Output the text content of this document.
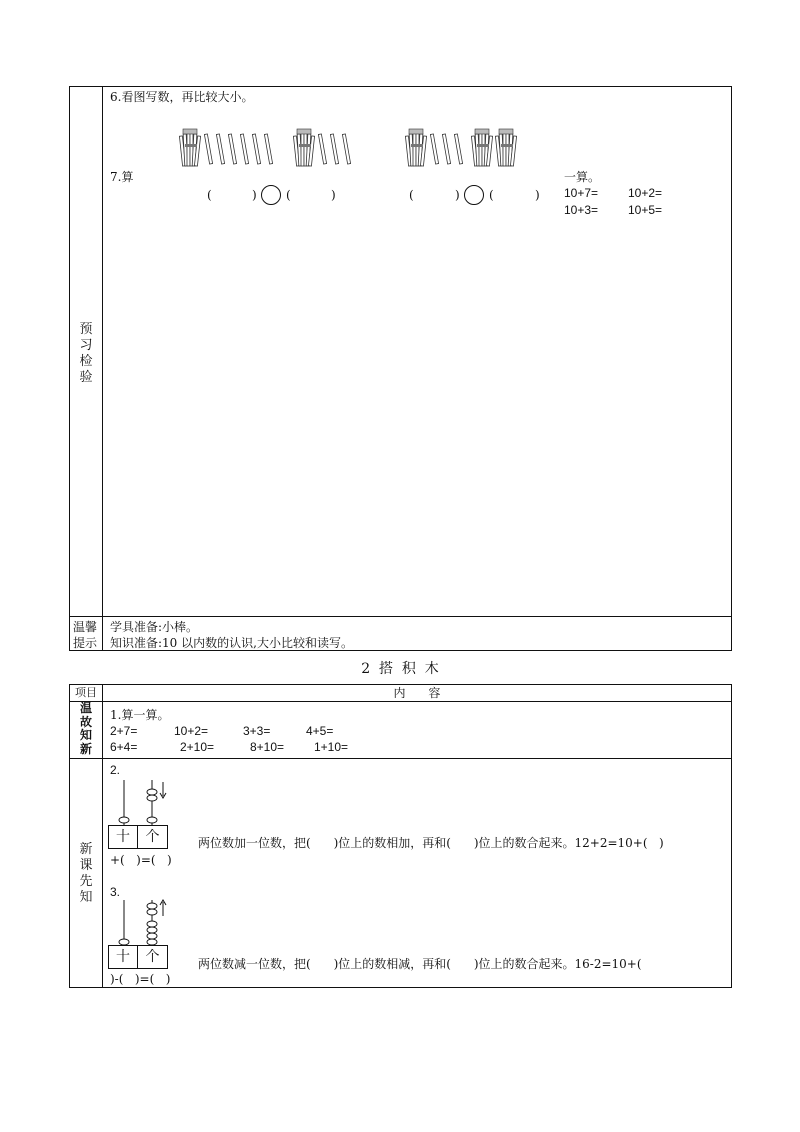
预习检验
6.看图写数，再比较大小。
7.算
(	) (	)	(	) (	)
一算。
10+7= 10+2=
10+3= 10+5=
温馨
提示
学具准备:小棒。
知识准备:10 以内数的认识,大小比较和读写。
2  搭  积  木
项目	内      容
温故知新
1.算一算。
2+7=	10+2=	3+3=	4+5=
6+4=	2+10=	8+10= 1+10=
新课先知
2.
十	个	两位数加一位数，把(      )位上的数相加，再和(      )位上的数合起来。12+2=10+(   )
+(   )=(   )
3.
十	个	两位数减一位数，把(      )位上的数相减，再和(      )位上的数合起来。16-2=10+(
)-(   )=(   )
